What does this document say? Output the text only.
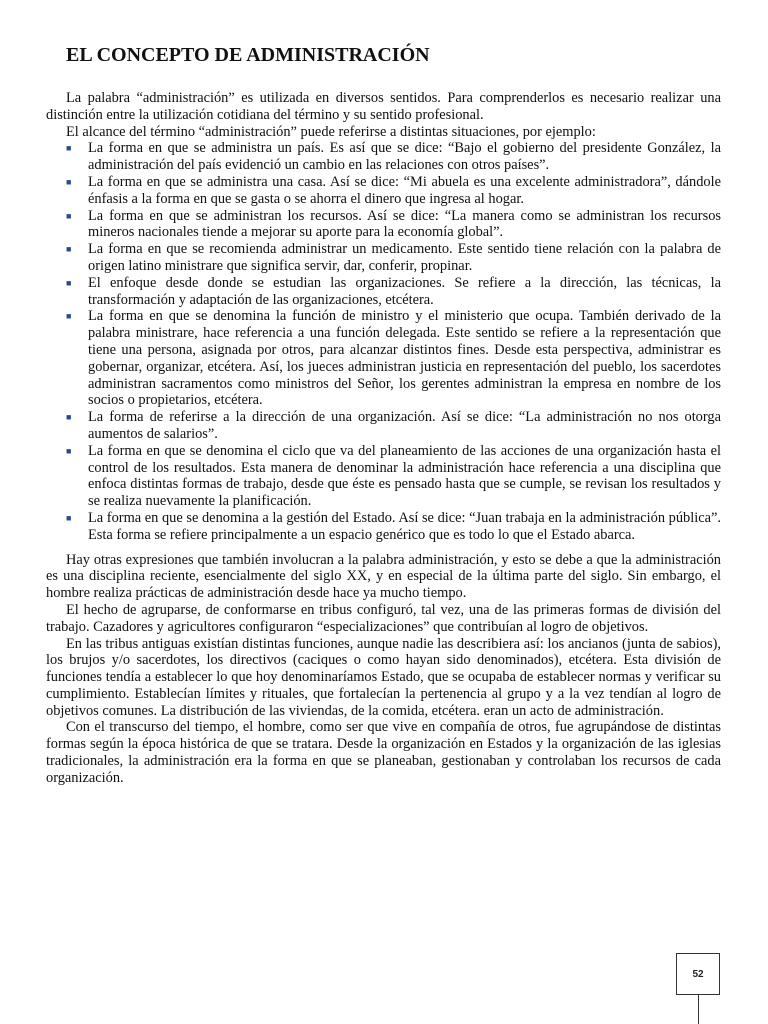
EL CONCEPTO DE ADMINISTRACIÓN

La palabra “administración” es utilizada en diversos sentidos. Para comprenderlos es necesario realizar una distinción entre la utilización cotidiana del término y su sentido profesional.

El alcance del término “administración” puede referirse a distintas situaciones, por ejemplo:

■ La forma en que se administra un país. Es así que se dice: “Bajo el gobierno del presidente González, la administración del país evidenció un cambio en las relaciones con otros países”.
■ La forma en que se administra una casa. Así se dice: “Mi abuela es una excelente administradora”, dándole énfasis a la forma en que se gasta o se ahorra el dinero que ingresa al hogar.
■ La forma en que se administran los recursos. Así se dice: “La manera como se administran los recursos mineros nacionales tiende a mejorar su aporte para la economía global”.
■ La forma en que se recomienda administrar un medicamento. Este sentido tiene relación con la palabra de origen latino ministrare que significa servir, dar, conferir, propinar.
■ El enfoque desde donde se estudian las organizaciones. Se refiere a la dirección, las técnicas, la transformación y adaptación de las organizaciones, etcétera.
■ La forma en que se denomina la función de ministro y el ministerio que ocupa. También derivado de la palabra ministrare, hace referencia a una función delegada. Este sentido se refiere a la representación que tiene una persona, asignada por otros, para alcanzar distintos fines. Desde esta perspectiva, administrar es gobernar, organizar, etcétera. Así, los jueces administran justicia en representación del pueblo, los sacerdotes administran sacramentos como ministros del Señor, los gerentes administran la empresa en nombre de los socios o propietarios, etcétera.
■ La forma de referirse a la dirección de una organización. Así se dice: “La administración no nos otorga aumentos de salarios”.
■ La forma en que se denomina el ciclo que va del planeamiento de las acciones de una organización hasta el control de los resultados. Esta manera de denominar la administración hace referencia a una disciplina que enfoca distintas formas de trabajo, desde que éste es pensado hasta que se cumple, se revisan los resultados y se realiza nuevamente la planificación.
■ La forma en que se denomina a la gestión del Estado. Así se dice: “Juan trabaja en la administración pública”. Esta forma se refiere principalmente a un espacio genérico que es todo lo que el Estado abarca.

Hay otras expresiones que también involucran a la palabra administración, y esto se debe a que la administración es una disciplina reciente, esencialmente del siglo XX, y en especial de la última parte del siglo. Sin embargo, el hombre realiza prácticas de administración desde hace ya mucho tiempo.

El hecho de agruparse, de conformarse en tribus configuró, tal vez, una de las primeras formas de división del trabajo. Cazadores y agricultores configuraron “especializaciones” que contribuían al logro de objetivos.

En las tribus antiguas existían distintas funciones, aunque nadie las describiera así: los ancianos (junta de sabios), los brujos y/o sacerdotes, los directivos (caciques o como hayan sido denominados), etcétera. Esta división de funciones tendía a establecer lo que hoy denominaríamos Estado, que se ocupaba de establecer normas y verificar su cumplimiento. Establecían límites y rituales, que fortalecían la pertenencia al grupo y a la vez tendían al logro de objetivos comunes. La distribución de las viviendas, de la comida, etcétera. eran un acto de administración.

Con el transcurso del tiempo, el hombre, como ser que vive en compañía de otros, fue agrupándose de distintas formas según la época histórica de que se tratara. Desde la organización en Estados y la organización de las iglesias tradicionales, la administración era la forma en que se planeaban, gestionaban y controlaban los recursos de cada organización.

52
